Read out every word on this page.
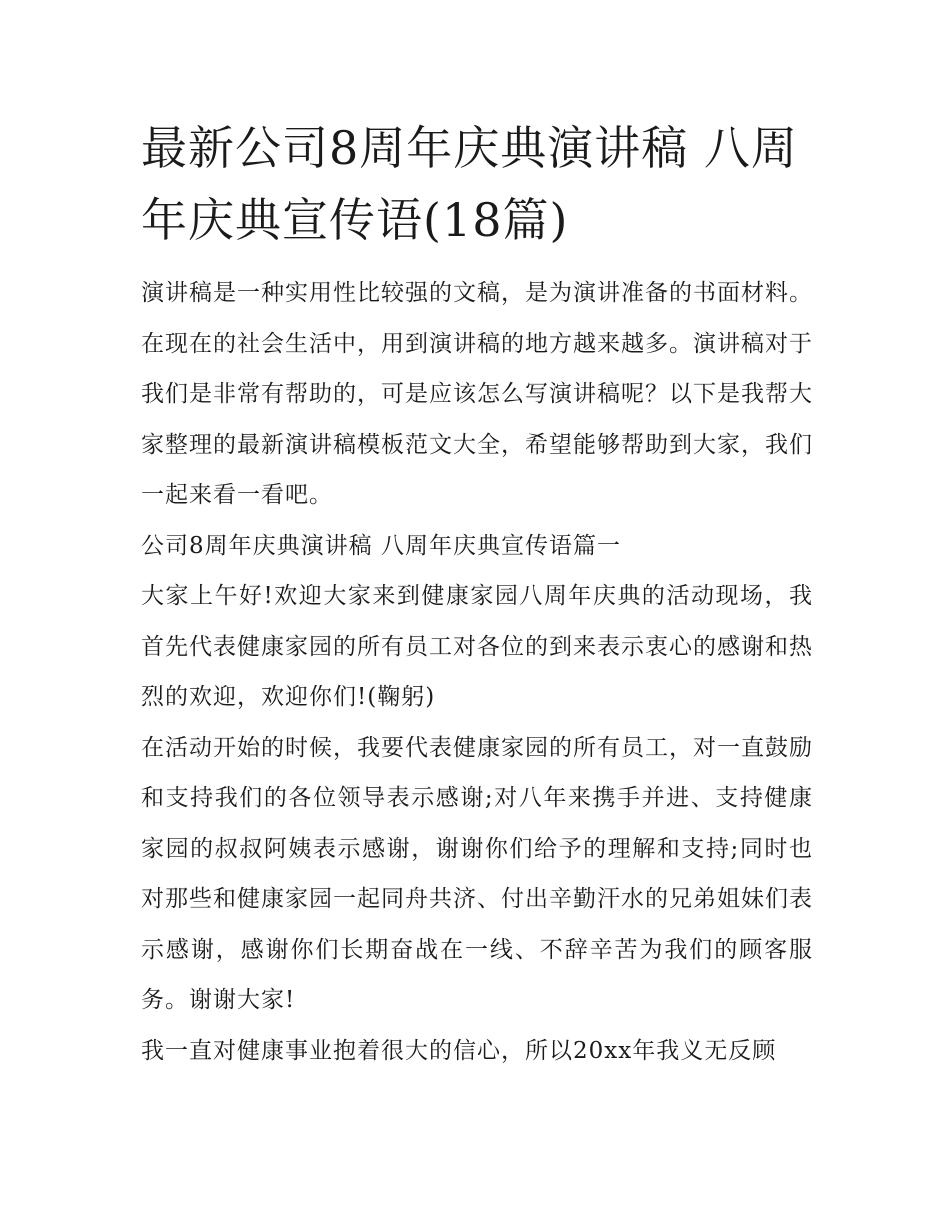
最新公司8周年庆典演讲稿 八周年庆典宣传语(18篇)

演讲稿是一种实用性比较强的文稿，是为演讲准备的书面材料。在现在的社会生活中，用到演讲稿的地方越来越多。演讲稿对于我们是非常有帮助的，可是应该怎么写演讲稿呢？以下是我帮大家整理的最新演讲稿模板范文大全，希望能够帮助到大家，我们一起来看一看吧。

公司8周年庆典演讲稿 八周年庆典宣传语篇一

大家上午好!欢迎大家来到健康家园八周年庆典的活动现场，我首先代表健康家园的所有员工对各位的到来表示衷心的感谢和热烈的欢迎，欢迎你们!(鞠躬)

在活动开始的时候，我要代表健康家园的所有员工，对一直鼓励和支持我们的各位领导表示感谢;对八年来携手并进、支持健康家园的叔叔阿姨表示感谢，谢谢你们给予的理解和支持;同时也对那些和健康家园一起同舟共济、付出辛勤汗水的兄弟姐妹们表示感谢，感谢你们长期奋战在一线、不辞辛苦为我们的顾客服务。谢谢大家!

我一直对健康事业抱着很大的信心，所以20xx年我义无反顾
